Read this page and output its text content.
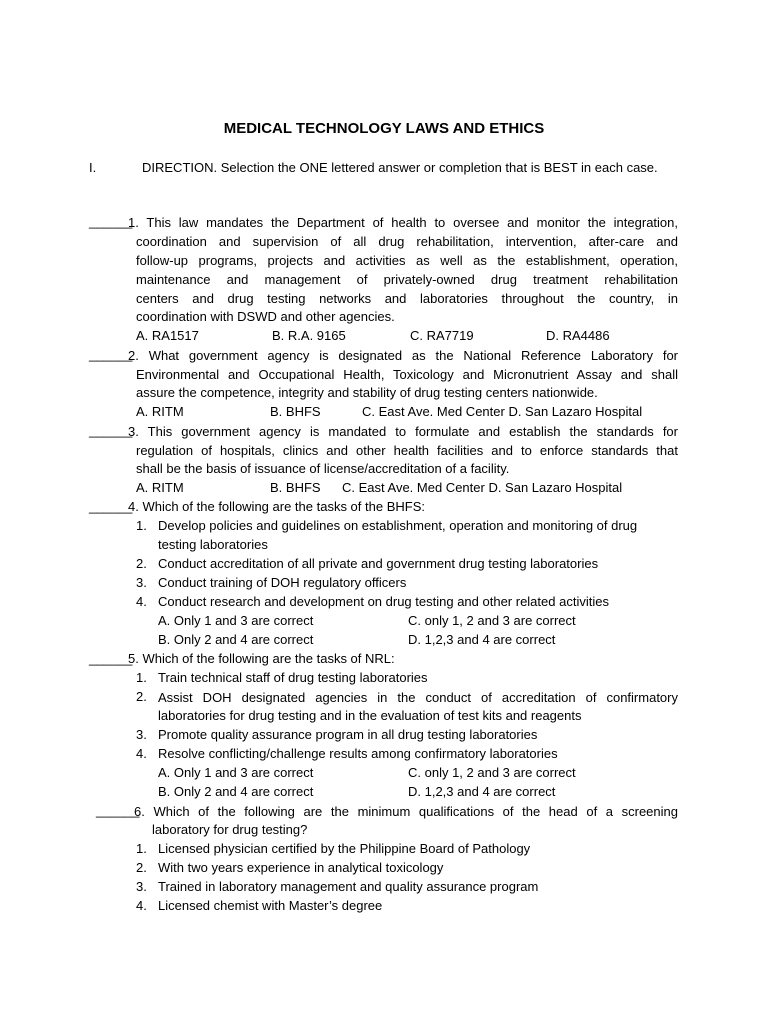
MEDICAL TECHNOLOGY LAWS AND ETHICS
I.	DIRECTION. Selection the ONE lettered answer or completion that is BEST in each case.
______
1. This law mandates the Department of health to oversee and monitor the integration,
coordination and supervision of all drug rehabilitation, intervention, after-care and
follow-up programs, projects and activities as well as the establishment, operation,
maintenance and management of privately-owned drug treatment rehabilitation
centers and drug testing networks and laboratories throughout the country, in
coordination with DSWD and other agencies.
A. RA1517	B. R.A. 9165	C. RA7719	D. RA4486
______
2. What government agency is designated as the National Reference Laboratory for
Environmental and Occupational Health, Toxicology and Micronutrient Assay and shall
assure the competence, integrity and stability of drug testing centers nationwide.
A. RITM	B. BHFS	C. East Ave. Med Center D. San Lazaro Hospital
______
3. This government agency is mandated to formulate and establish the standards for
regulation of hospitals, clinics and other health facilities and to enforce standards that
shall be the basis of issuance of license/accreditation of a facility.
A. RITM	B. BHFS C. East Ave. Med Center D. San Lazaro Hospital
______
4. Which of the following are the tasks of the BHFS:
1. Develop policies and guidelines on establishment, operation and monitoring of drug
testing laboratories
2. Conduct accreditation of all private and government drug testing laboratories
3. Conduct training of DOH regulatory officers
4. Conduct research and development on drug testing and other related activities
A. Only 1 and 3 are correct	C. only 1, 2 and 3 are correct
B. Only 2 and 4 are correct	D. 1,2,3 and 4 are correct
______
5. Which of the following are the tasks of NRL:
1. Train technical staff of drug testing laboratories
2. Assist DOH designated agencies in the conduct of accreditation of confirmatory
laboratories for drug testing and in the evaluation of test kits and reagents
3. Promote quality assurance program in all drug testing laboratories
4. Resolve conflicting/challenge results among confirmatory laboratories
A. Only 1 and 3 are correct	C. only 1, 2 and 3 are correct
B. Only 2 and 4 are correct	D. 1,2,3 and 4 are correct
______
6. Which of the following are the minimum qualifications of the head of a screening
laboratory for drug testing?
1. Licensed physician certified by the Philippine Board of Pathology
2. With two years experience in analytical toxicology
3. Trained in laboratory management and quality assurance program
4. Licensed chemist with Master’s degree
